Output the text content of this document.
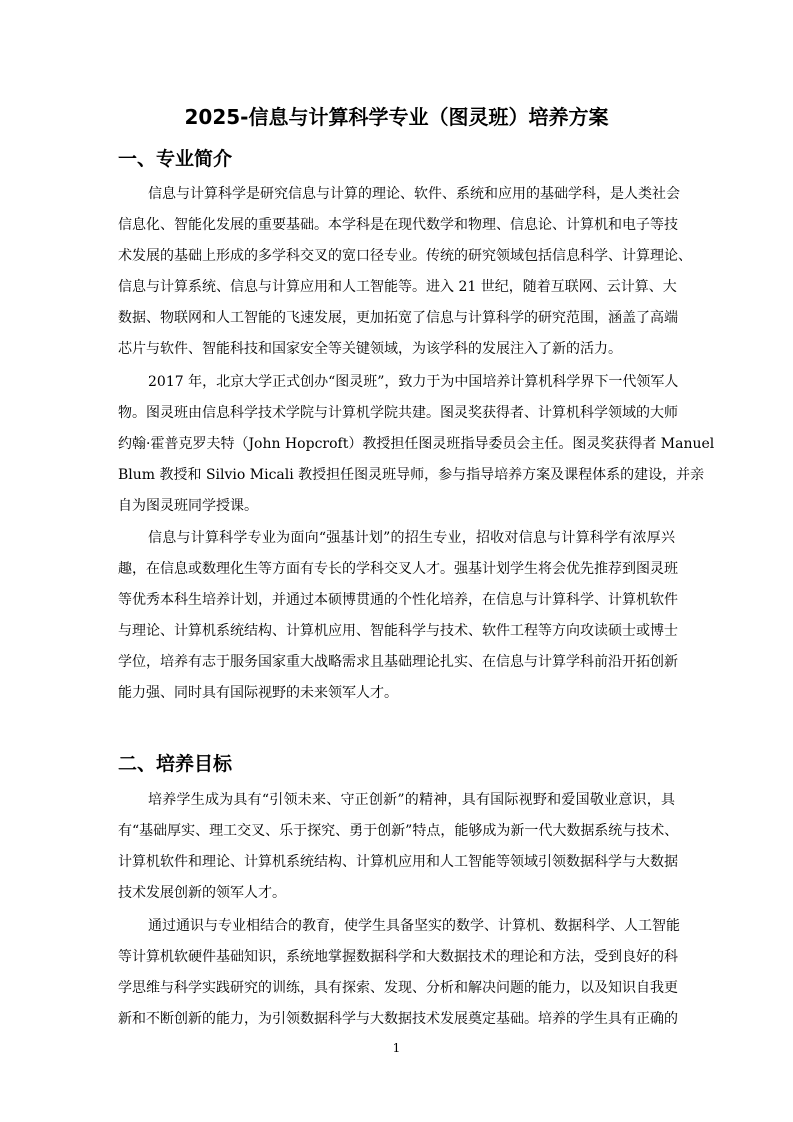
2025-信息与计算科学专业（图灵班）培养方案
一、专业简介
信息与计算科学是研究信息与计算的理论、软件、系统和应用的基础学科，是人类社会
信息化、智能化发展的重要基础。本学科是在现代数学和物理、信息论、计算机和电子等技
术发展的基础上形成的多学科交叉的宽口径专业。传统的研究领域包括信息科学、计算理论、
信息与计算系统、信息与计算应用和人工智能等。进入 21 世纪，随着互联网、云计算、大
数据、物联网和人工智能的飞速发展，更加拓宽了信息与计算科学的研究范围，涵盖了高端
芯片与软件、智能科技和国家安全等关键领域，为该学科的发展注入了新的活力。
2017 年，北京大学正式创办“图灵班”，致力于为中国培养计算机科学界下一代领军人
物。图灵班由信息科学技术学院与计算机学院共建。图灵奖获得者、计算机科学领域的大师
约翰·霍普克罗夫特（John Hopcroft）教授担任图灵班指导委员会主任。图灵奖获得者 Manuel
Blum 教授和 Silvio Micali 教授担任图灵班导师，参与指导培养方案及课程体系的建设，并亲
自为图灵班同学授课。
信息与计算科学专业为面向“强基计划”的招生专业，招收对信息与计算科学有浓厚兴
趣，在信息或数理化生等方面有专长的学科交叉人才。强基计划学生将会优先推荐到图灵班
等优秀本科生培养计划，并通过本硕博贯通的个性化培养，在信息与计算科学、计算机软件
与理论、计算机系统结构、计算机应用、智能科学与技术、软件工程等方向攻读硕士或博士
学位，培养有志于服务国家重大战略需求且基础理论扎实、在信息与计算学科前沿开拓创新
能力强、同时具有国际视野的未来领军人才。
二、培养目标
培养学生成为具有“引领未来、守正创新”的精神，具有国际视野和爱国敬业意识，具
有“基础厚实、理工交叉、乐于探究、勇于创新”特点，能够成为新一代大数据系统与技术、
计算机软件和理论、计算机系统结构、计算机应用和人工智能等领域引领数据科学与大数据
技术发展创新的领军人才。
通过通识与专业相结合的教育，使学生具备坚实的数学、计算机、数据科学、人工智能
等计算机软硬件基础知识，系统地掌握数据科学和大数据技术的理论和方法，受到良好的科
学思维与科学实践研究的训练，具有探索、发现、分析和解决问题的能力，以及知识自我更
新和不断创新的能力，为引领数据科学与大数据技术发展奠定基础。培养的学生具有正确的
1
